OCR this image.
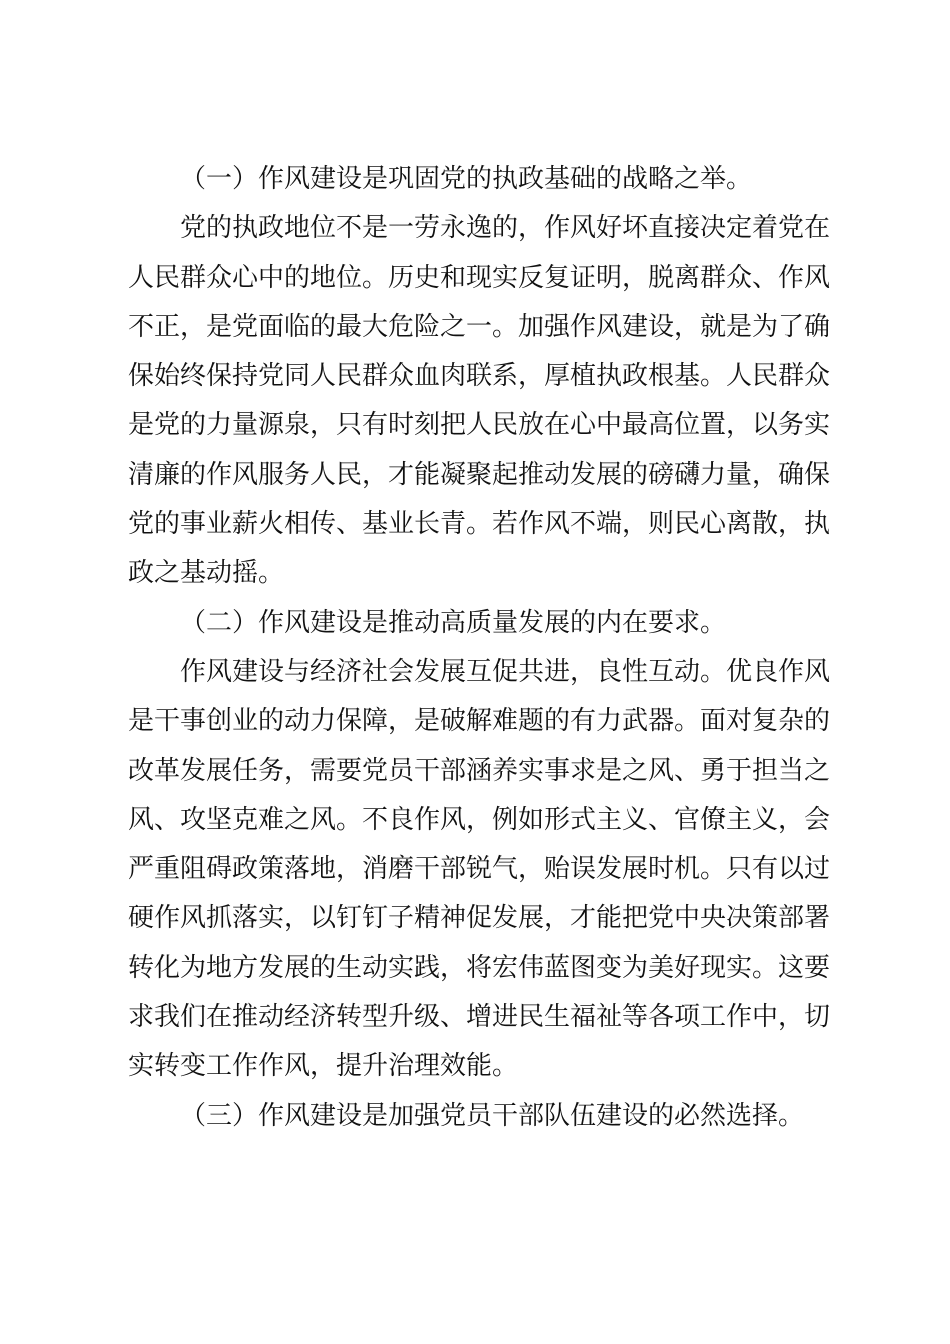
（一）作风建设是巩固党的执政基础的战略之举。

党的执政地位不是一劳永逸的，作风好坏直接决定着党在人民群众心中的地位。历史和现实反复证明，脱离群众、作风不正，是党面临的最大危险之一。加强作风建设，就是为了确保始终保持党同人民群众血肉联系，厚植执政根基。人民群众是党的力量源泉，只有时刻把人民放在心中最高位置，以务实清廉的作风服务人民，才能凝聚起推动发展的磅礴力量，确保党的事业薪火相传、基业长青。若作风不端，则民心离散，执政之基动摇。

（二）作风建设是推动高质量发展的内在要求。

作风建设与经济社会发展互促共进，良性互动。优良作风是干事创业的动力保障，是破解难题的有力武器。面对复杂的改革发展任务，需要党员干部涵养实事求是之风、勇于担当之风、攻坚克难之风。不良作风，例如形式主义、官僚主义，会严重阻碍政策落地，消磨干部锐气，贻误发展时机。只有以过硬作风抓落实，以钉钉子精神促发展，才能把党中央决策部署转化为地方发展的生动实践，将宏伟蓝图变为美好现实。这要求我们在推动经济转型升级、增进民生福祉等各项工作中，切实转变工作作风，提升治理效能。

（三）作风建设是加强党员干部队伍建设的必然选择。
